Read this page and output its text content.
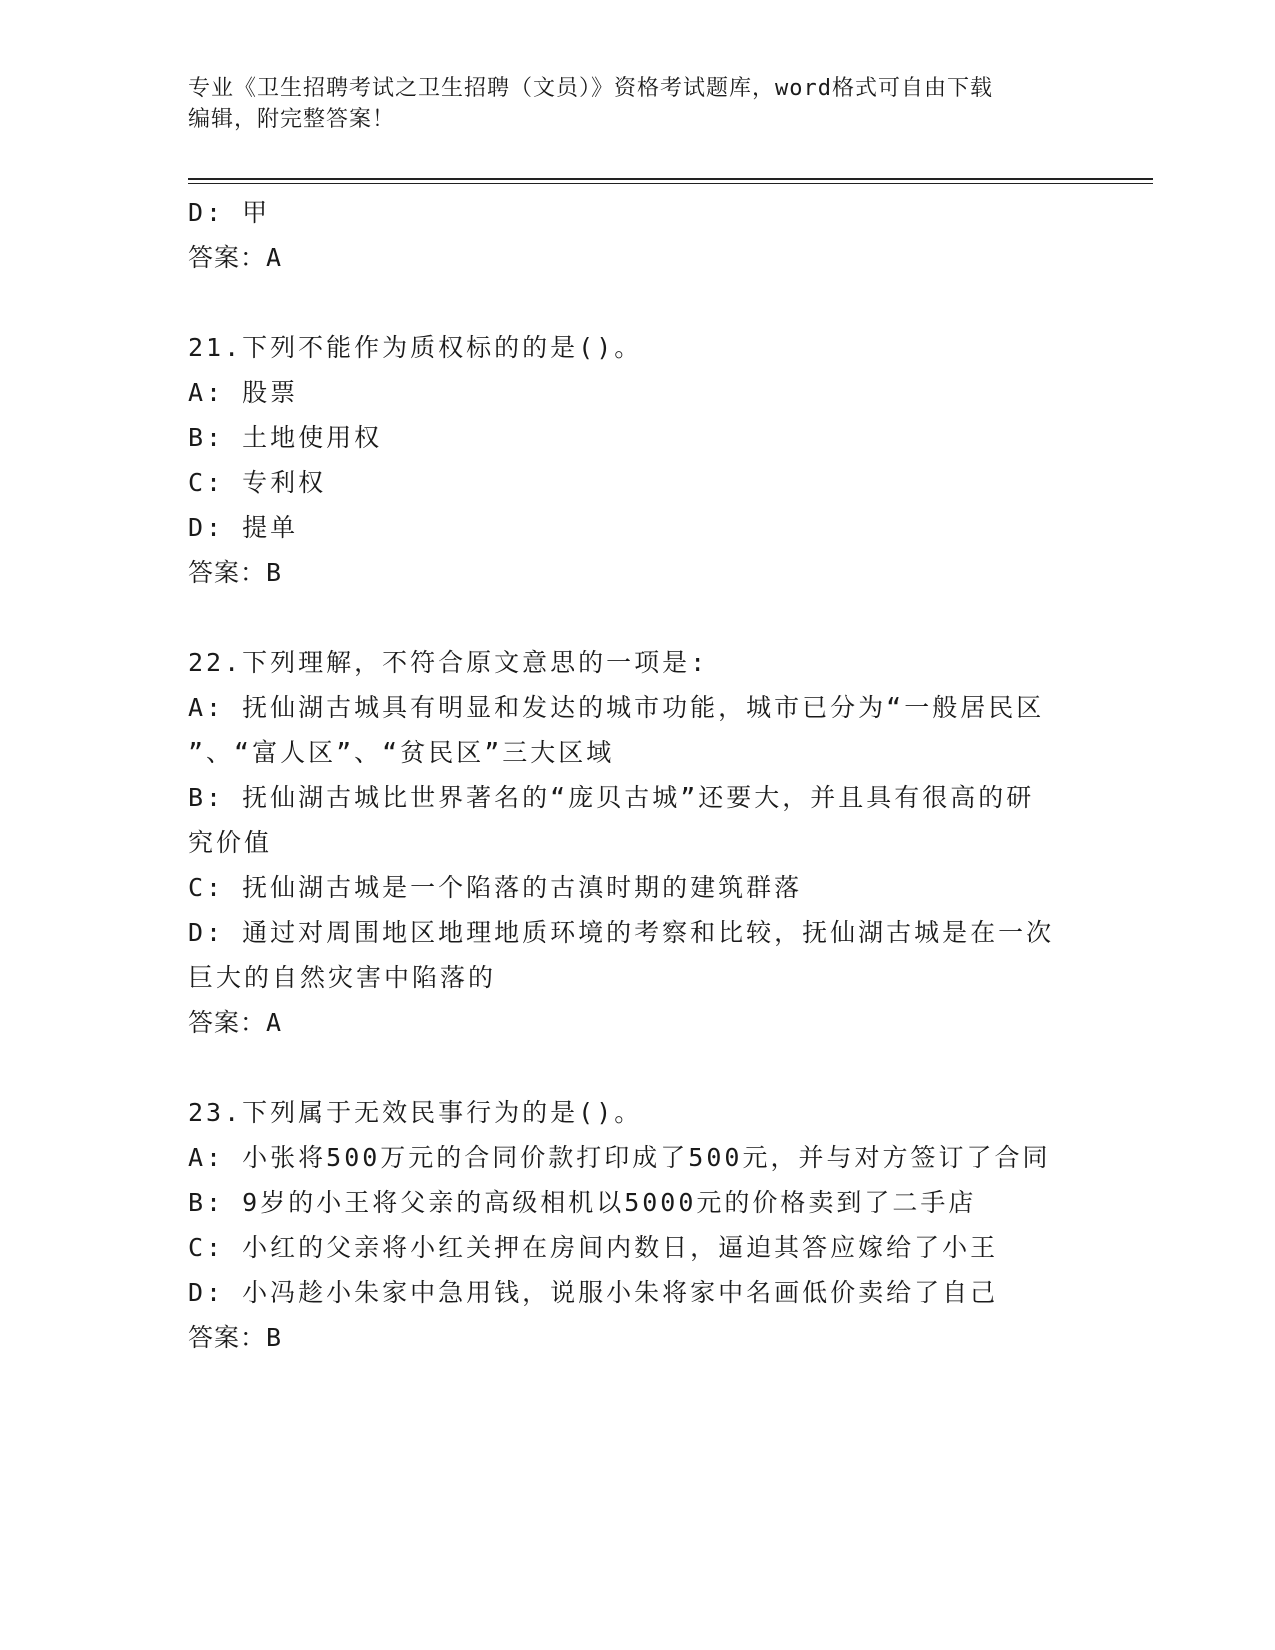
专业《卫生招聘考试之卫生招聘（文员）》资格考试题库，word格式可自由下载
编辑，附完整答案！
D: 甲
答案：A
21.下列不能作为质权标的的是()。
A: 股票
B: 土地使用权
C: 专利权
D: 提单
答案：B
22.下列理解，不符合原文意思的一项是:
A: 抚仙湖古城具有明显和发达的城市功能，城市已分为“一般居民区
”、“富人区”、“贫民区”三大区域
B: 抚仙湖古城比世界著名的“庞贝古城”还要大，并且具有很高的研
究价值
C: 抚仙湖古城是一个陷落的古滇时期的建筑群落
D: 通过对周围地区地理地质环境的考察和比较，抚仙湖古城是在一次
巨大的自然灾害中陷落的
答案：A
23.下列属于无效民事行为的是()。
A: 小张将500万元的合同价款打印成了500元，并与对方签订了合同
B: 9岁的小王将父亲的高级相机以5000元的价格卖到了二手店
C: 小红的父亲将小红关押在房间内数日，逼迫其答应嫁给了小王
D: 小冯趁小朱家中急用钱，说服小朱将家中名画低价卖给了自己
答案：B
